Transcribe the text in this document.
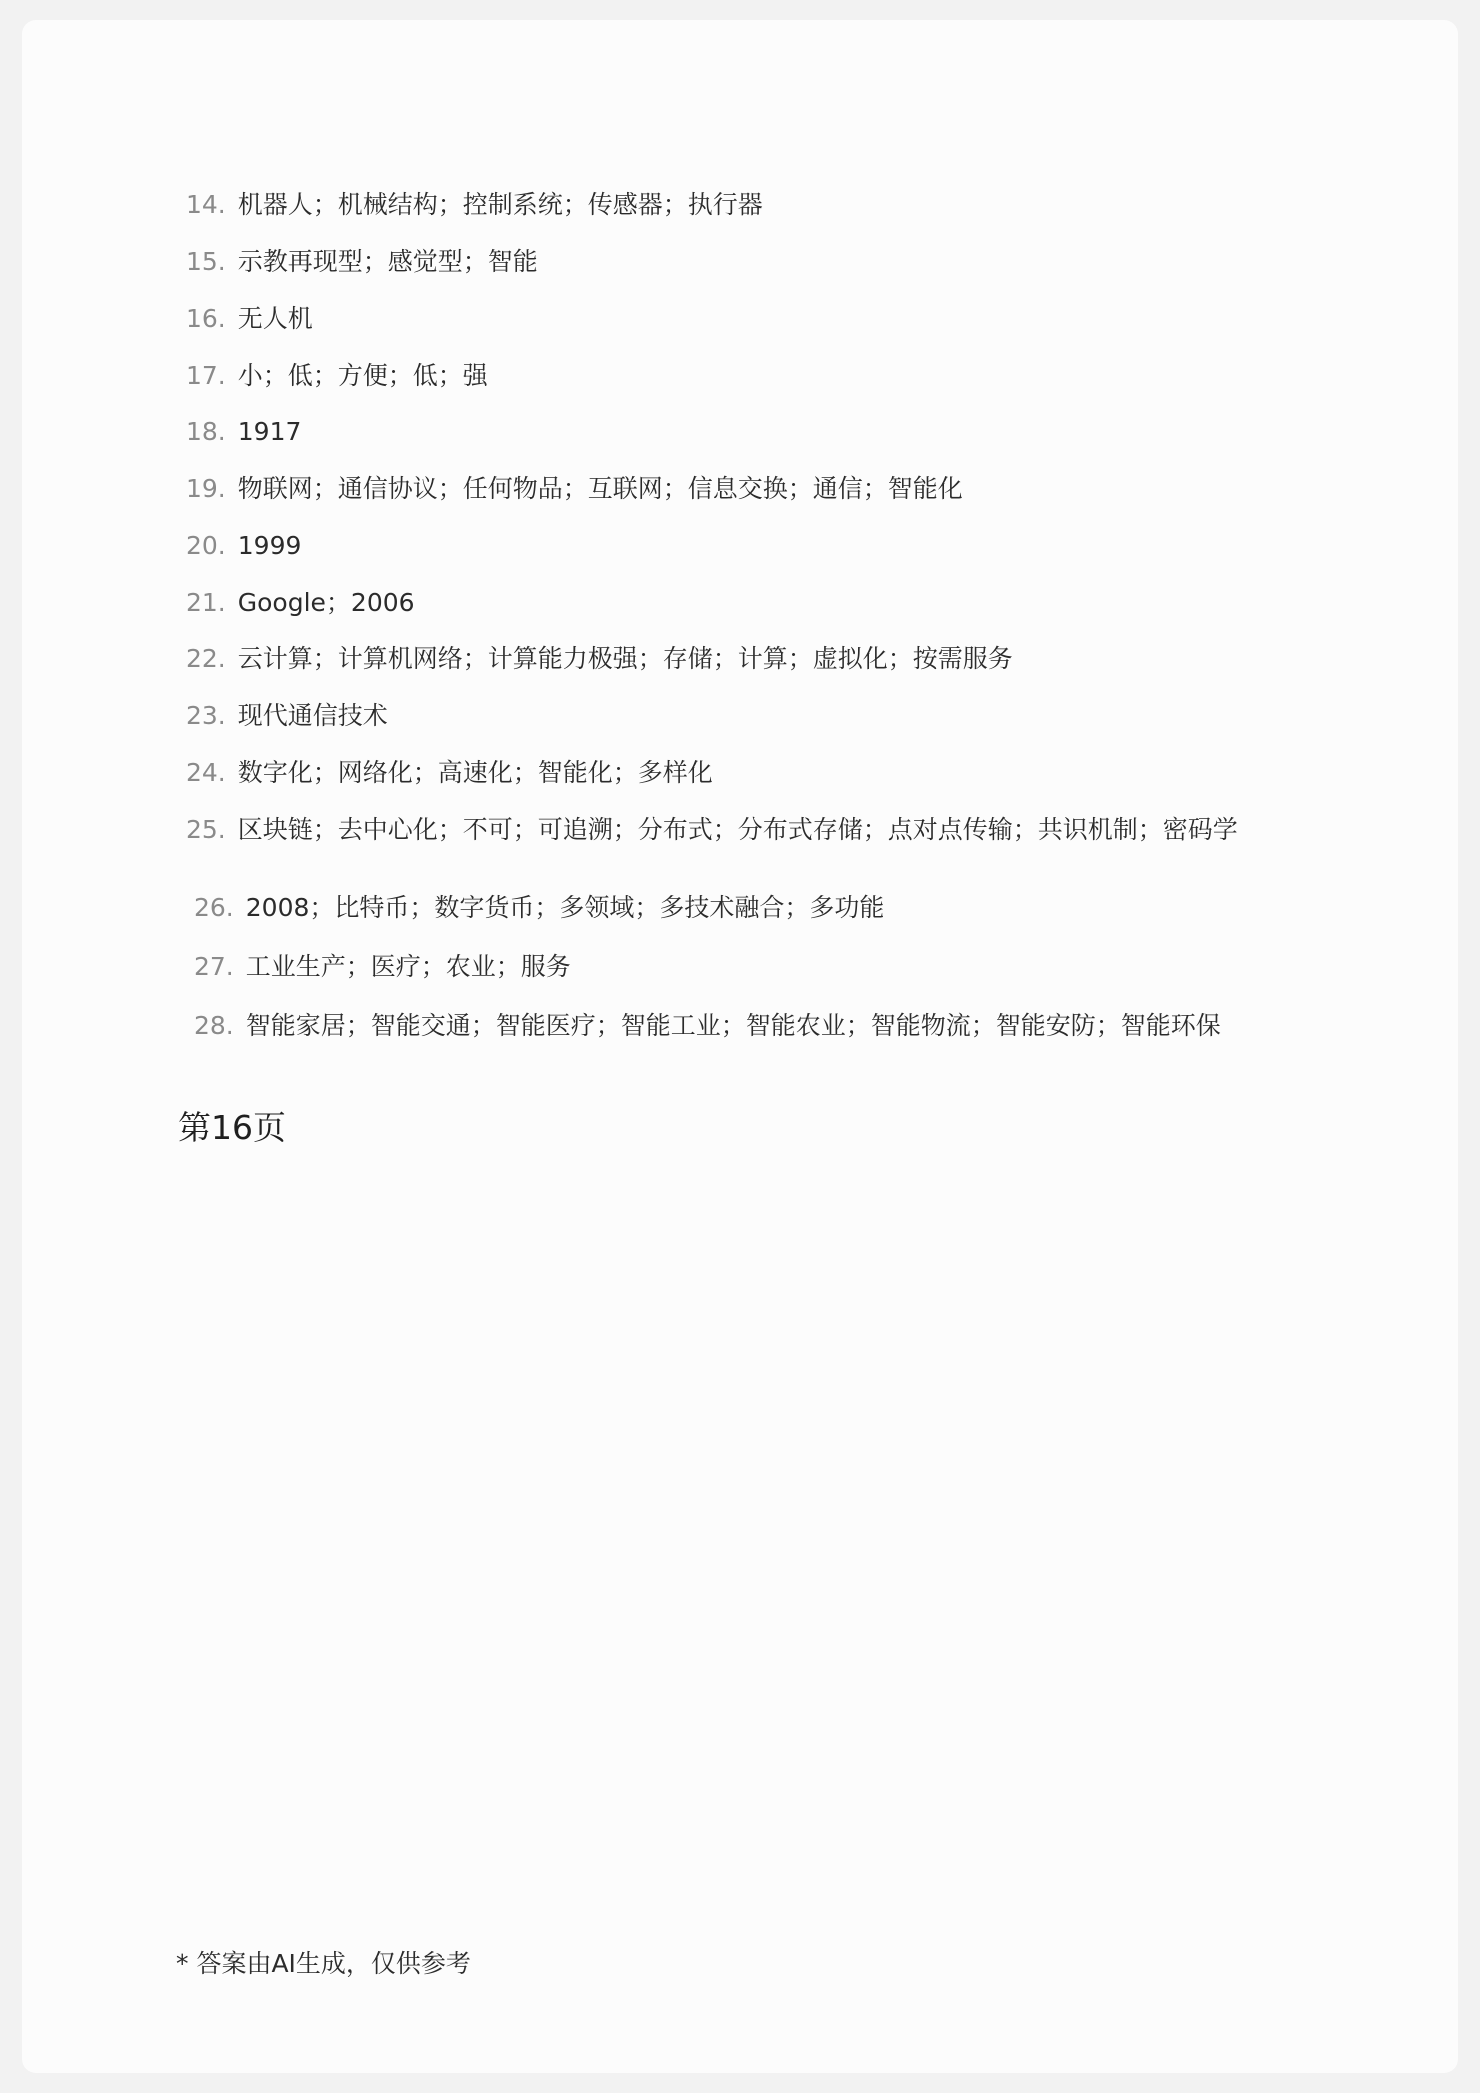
14. 机器人；机械结构；控制系统；传感器；执行器
15. 示教再现型；感觉型；智能
16. 无人机
17. 小；低；方便；低；强
18. 1917
19. 物联网；通信协议；任何物品；互联网；信息交换；通信；智能化
20. 1999
21. Google；2006
22. 云计算；计算机网络；计算能力极强；存储；计算；虚拟化；按需服务
23. 现代通信技术
24. 数字化；网络化；高速化；智能化；多样化
25. 区块链；去中心化；不可；可追溯；分布式；分布式存储；点对点传输；共识机制；密码学
26. 2008；比特币；数字货币；多领域；多技术融合；多功能
27. 工业生产；医疗；农业；服务
28. 智能家居；智能交通；智能医疗；智能工业；智能农业；智能物流；智能安防；智能环保
第16页
* 答案由AI生成，仅供参考
